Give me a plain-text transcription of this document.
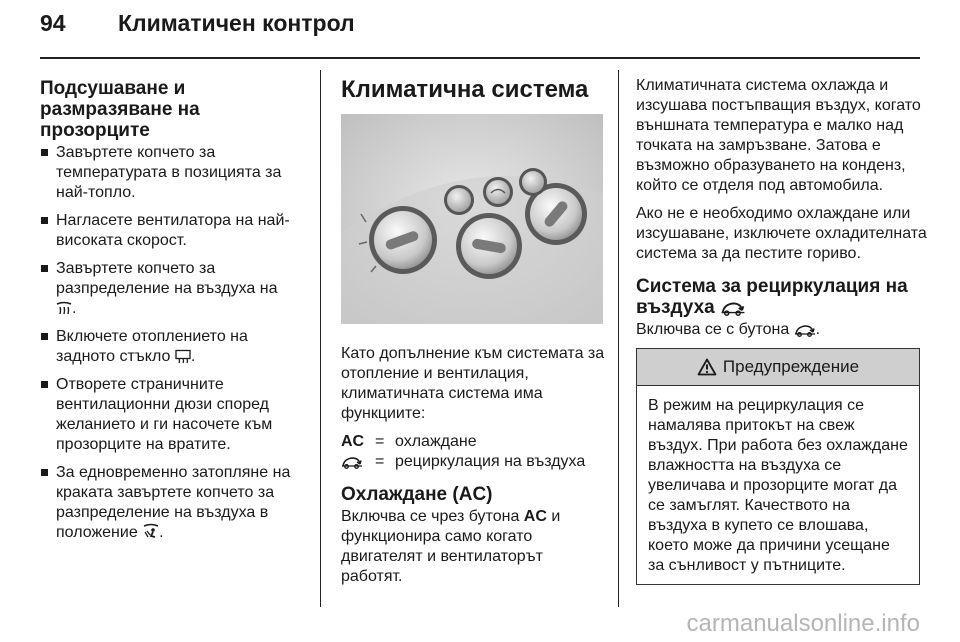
94	Климатичен контрол
Подсушаване и размразяване на прозорците
Завъртете копчето за температурата в позицията за най-топло.
Нагласете вентилатора на най-високата скорост.
Завъртете копчето за разпределение на въздуха на
.
Включете отоплението на задното стъкло .
Отворете страничните вентилационни дюзи според желанието и ги насочете към прозорците на вратите.
За едновременно затопляне на краката завъртете копчето за разпределение на въздуха в положение .
Климатична система

Като допълнение към системата за отопление и вентилация, климатичната система има функциите:

AC	=	охлаждане
	=	рециркулация на въздуха
Охлаждане (AC)

Включва се чрез бутона AC и функционира само когато двигателят и вентилаторът работят.

Климатичната система охлажда и изсушава постъпващия въздух, когато външната температура е малко над точката на замръзване. Затова е възможно образуването на конденз, който се отделя под автомобила.

Ако не е необходимо охлаждане или изсушаване, изключете охладителната система за да пестите гориво.

Система за рециркулация на въздуха

Включва се с бутона .

Предупреждение
В режим на рециркулация се намалява притокът на свеж въздух. При работа без охлаждане влажността на въздуха се увеличава и прозорците могат да се замъглят. Качеството на въздуха в купето се влошава, което може да причини усещане за сънливост у пътниците.
carmanualsonline.info
